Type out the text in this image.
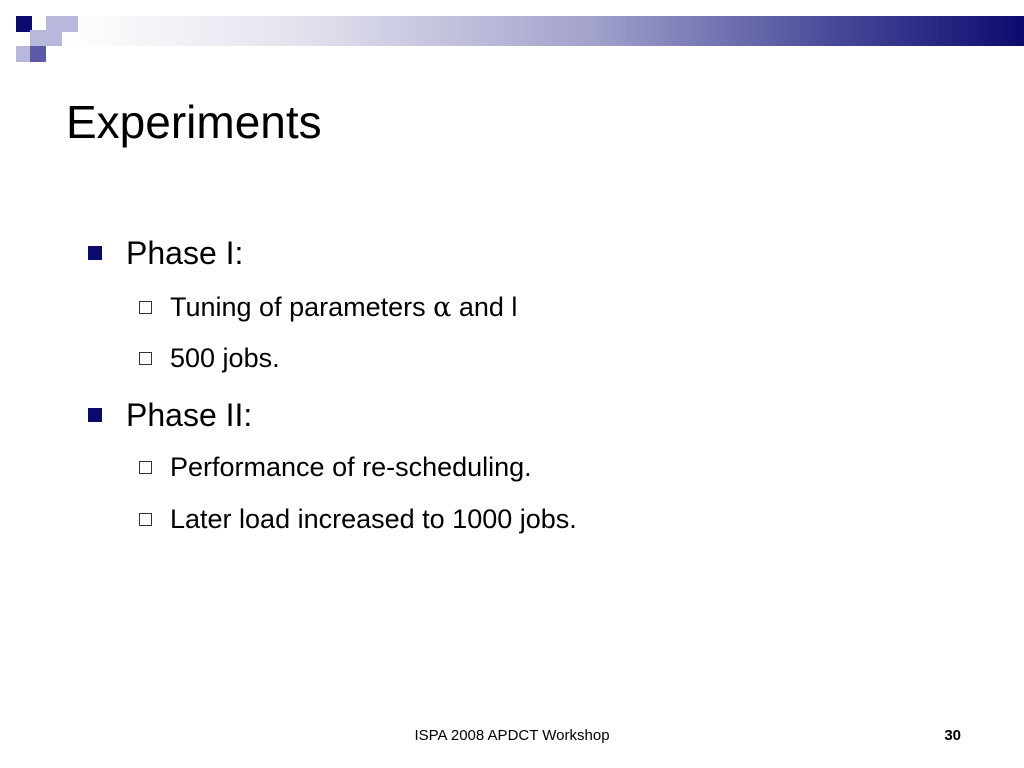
Experiments
Phase I:
Tuning of parameters α and l
500 jobs.
Phase II:
Performance of re-scheduling.
Later load increased to 1000 jobs.
ISPA 2008 APDCT Workshop	30
